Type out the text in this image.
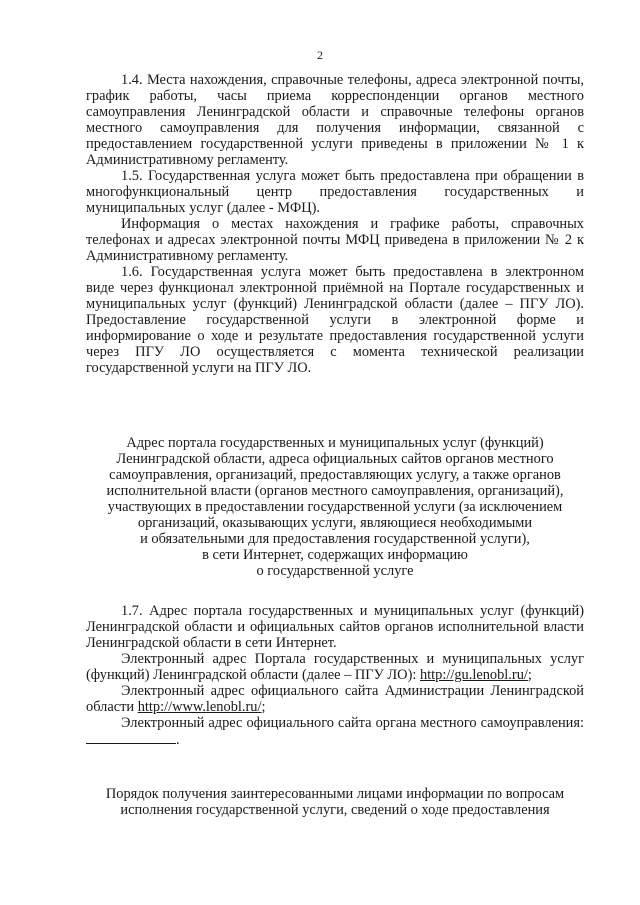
2

1.4. Места нахождения, справочные телефоны, адреса электронной почты, график работы, часы приема корреспонденции органов местного самоуправления Ленинградской области и справочные телефоны органов местного самоуправления для получения информации, связанной с предоставлением государственной услуги приведены в приложении № 1 к Административному регламенту.

1.5. Государственная услуга может быть предоставлена при обращении в многофункциональный центр предоставления государственных и муниципальных услуг (далее - МФЦ).

Информация о местах нахождения и графике работы, справочных телефонах и адресах электронной почты МФЦ приведена в приложении № 2 к Административному регламенту.

1.6. Государственная услуга может быть предоставлена в электронном виде через функционал электронной приёмной на Портале государственных и муниципальных услуг (функций) Ленинградской области (далее – ПГУ ЛО). Предоставление государственной услуги в электронной форме и информирование о ходе и результате предоставления государственной услуги через ПГУ ЛО осуществляется с момента технической реализации государственной услуги на ПГУ ЛО.

Адрес портала государственных и муниципальных услуг (функций)
Ленинградской области, адреса официальных сайтов органов местного
самоуправления, организаций, предоставляющих услугу, а также органов
исполнительной власти (органов местного самоуправления, организаций),
участвующих в предоставлении государственной услуги (за исключением
организаций, оказывающих услуги, являющиеся необходимыми
и обязательными для предоставления государственной услуги),
в сети Интернет, содержащих информацию
о государственной услуге

1.7. Адрес портала государственных и муниципальных услуг (функций) Ленинградской области и официальных сайтов органов исполнительной власти Ленинградской области в сети Интернет.

Электронный адрес Портала государственных и муниципальных услуг (функций) Ленинградской области (далее – ПГУ ЛО): http://gu.lenobl.ru/;

Электронный адрес официального сайта Администрации Ленинградской области http://www.lenobl.ru/;

Электронный адрес официального сайта органа местного самоуправления:.

Порядок получения заинтересованными лицами информации по вопросам
исполнения государственной услуги, сведений о ходе предоставления
